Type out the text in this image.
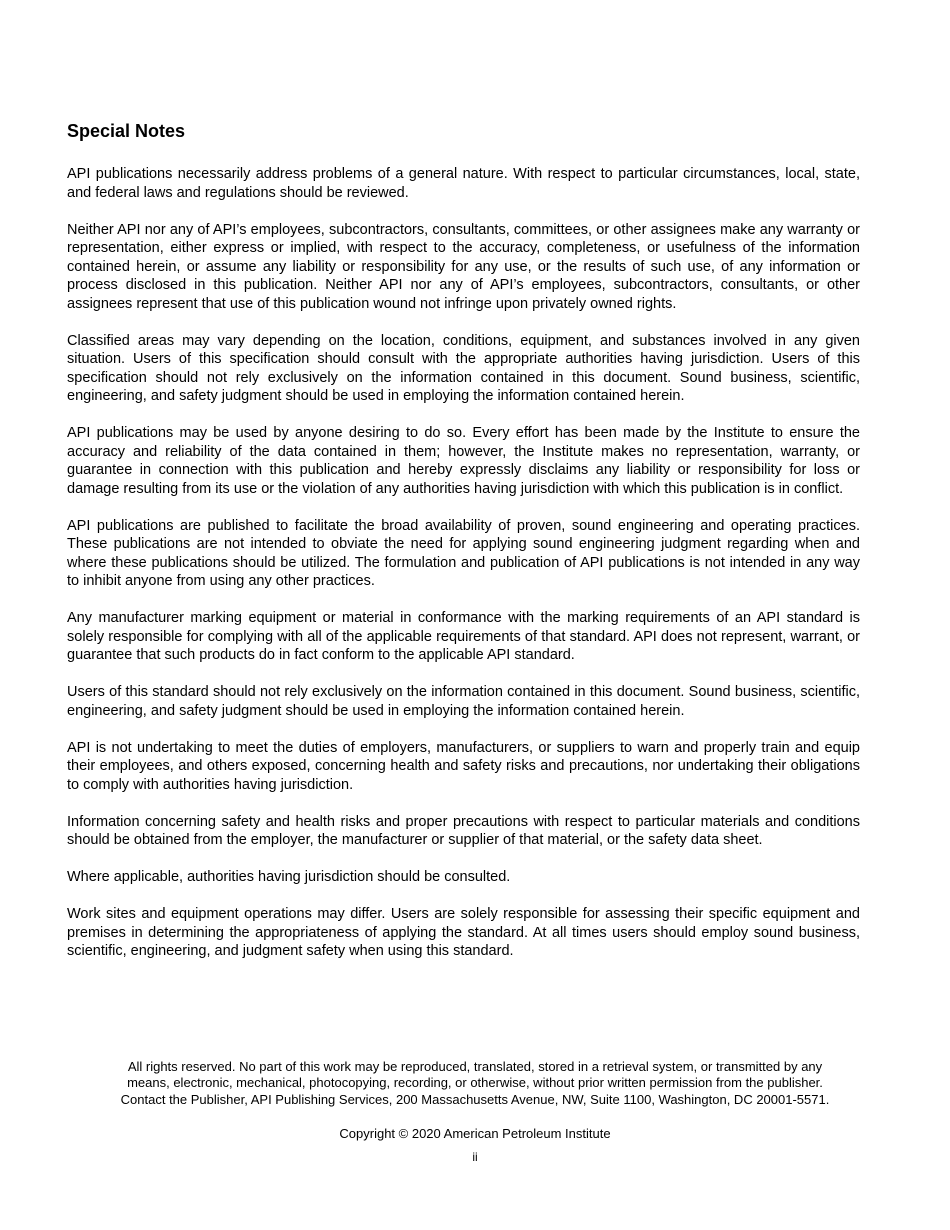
Special Notes

API publications necessarily address problems of a general nature. With respect to particular circumstances, local, state, and federal laws and regulations should be reviewed.

Neither API nor any of API’s employees, subcontractors, consultants, committees, or other assignees make any warranty or representation, either express or implied, with respect to the accuracy, completeness, or usefulness of the information contained herein, or assume any liability or responsibility for any use, or the results of such use, of any information or process disclosed in this publication. Neither API nor any of API’s employees, subcontractors, consultants, or other assignees represent that use of this publication wound not infringe upon privately owned rights.

Classified areas may vary depending on the location, conditions, equipment, and substances involved in any given situation. Users of this specification should consult with the appropriate authorities having jurisdiction. Users of this specification should not rely exclusively on the information contained in this document. Sound business, scientific, engineering, and safety judgment should be used in employing the information contained herein.

API publications may be used by anyone desiring to do so. Every effort has been made by the Institute to ensure the accuracy and reliability of the data contained in them; however, the Institute makes no representation, warranty, or guarantee in connection with this publication and hereby expressly disclaims any liability or responsibility for loss or damage resulting from its use or the violation of any authorities having jurisdiction with which this publication is in conflict.

API publications are published to facilitate the broad availability of proven, sound engineering and operating practices. These publications are not intended to obviate the need for applying sound engineering judgment regarding when and where these publications should be utilized. The formulation and publication of API publications is not intended in any way to inhibit anyone from using any other practices.

Any manufacturer marking equipment or material in conformance with the marking requirements of an API standard is solely responsible for complying with all of the applicable requirements of that standard. API does not represent, warrant, or guarantee that such products do in fact conform to the applicable API standard.

Users of this standard should not rely exclusively on the information contained in this document. Sound business, scientific, engineering, and safety judgment should be used in employing the information contained herein.

API is not undertaking to meet the duties of employers, manufacturers, or suppliers to warn and properly train and equip their employees, and others exposed, concerning health and safety risks and precautions, nor undertaking their obligations to comply with authorities having jurisdiction.

Information concerning safety and health risks and proper precautions with respect to particular materials and conditions should be obtained from the employer, the manufacturer or supplier of that material, or the safety data sheet.

Where applicable, authorities having jurisdiction should be consulted.

Work sites and equipment operations may differ. Users are solely responsible for assessing their specific equipment and premises in determining the appropriateness of applying the standard. At all times users should employ sound business, scientific, engineering, and judgment safety when using this standard.

All rights reserved. No part of this work may be reproduced, translated, stored in a retrieval system, or transmitted by any
means, electronic, mechanical, photocopying, recording, or otherwise, without prior written permission from the publisher.
Contact the Publisher, API Publishing Services, 200 Massachusetts Avenue, NW, Suite 1100, Washington, DC 20001-5571.
Copyright © 2020 American Petroleum Institute
ii
